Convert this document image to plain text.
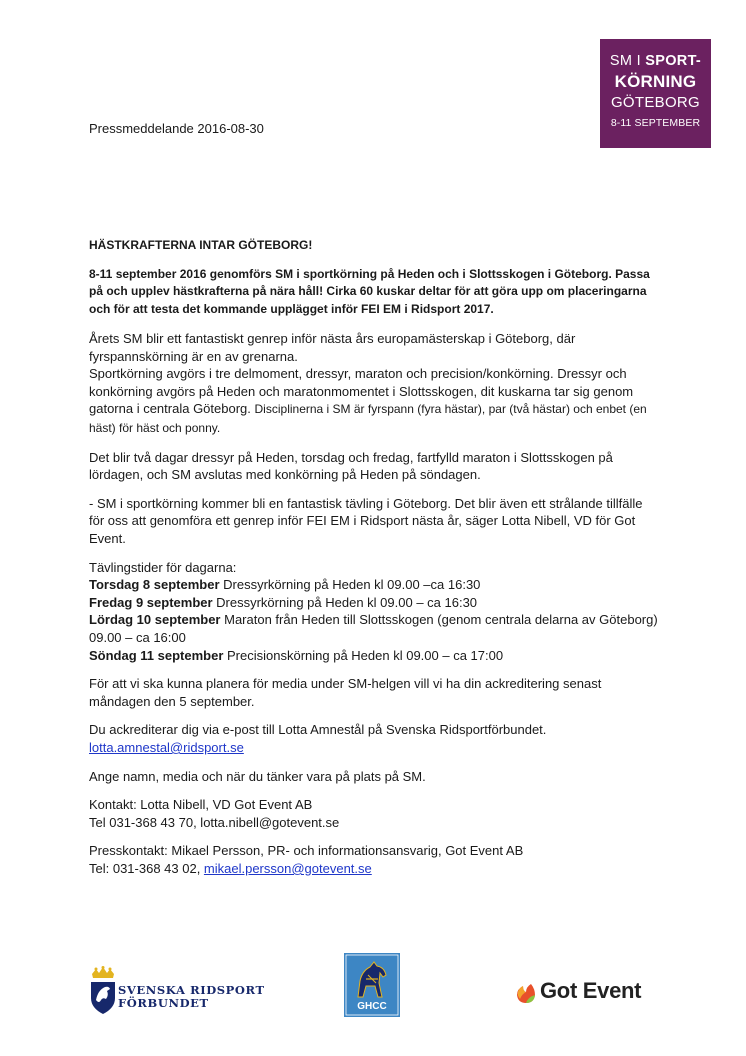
SM I SPORT-
KÖRNING
GÖTEBORG
8-11 SEPTEMBER
Pressmeddelande 2016-08-30

HÄSTKRAFTERNA INTAR GÖTEBORG!

8-11 september 2016 genomförs SM i sportkörning på Heden och i Slottsskogen i Göteborg. Passa på och upplev hästkrafterna på nära håll! Cirka 60 kuskar deltar för att göra upp om placeringarna och för att testa det kommande upplägget inför FEI EM i Ridsport 2017.

Årets SM blir ett fantastiskt genrep inför nästa års europamästerskap i Göteborg, där fyrspannskörning är en av grenarna.
Sportkörning avgörs i tre delmoment, dressyr, maraton och precision/konkörning. Dressyr och konkörning avgörs på Heden och maratonmomentet i Slottsskogen, dit kuskarna tar sig genom gatorna i centrala Göteborg. Disciplinerna i SM är fyrspann (fyra hästar), par (två hästar) och enbet (en häst) för häst och ponny.

Det blir två dagar dressyr på Heden, torsdag och fredag, fartfylld maraton i Slottsskogen på lördagen, och SM avslutas med konkörning på Heden på söndagen.

- SM i sportkörning kommer bli en fantastisk tävling i Göteborg. Det blir även ett strålande tillfälle för oss att genomföra ett genrep inför FEI EM i Ridsport nästa år, säger Lotta Nibell, VD för Got Event.

Tävlingstider för dagarna:
Torsdag 8 september Dressyrkörning på Heden kl 09.00 –ca 16:30
Fredag 9 september Dressyrkörning på Heden kl 09.00 – ca 16:30
Lördag 10 september Maraton från Heden till Slottsskogen (genom centrala delarna av Göteborg) 09.00 – ca 16:00
Söndag 11 september Precisionskörning på Heden kl 09.00 – ca 17:00

För att vi ska kunna planera för media under SM-helgen vill vi ha din ackreditering senast måndagen den 5 september.

Du ackrediterar dig via e-post till Lotta Amnestål på Svenska Ridsportförbundet.
lotta.amnestal@ridsport.se

Ange namn, media och när du tänker vara på plats på SM.

Kontakt: Lotta Nibell, VD Got Event AB
Tel 031-368 43 70, lotta.nibell@gotevent.se

Presskontakt: Mikael Persson, PR- och informationsansvarig, Got Event AB
Tel: 031-368 43 02, mikael.persson@gotevent.se

SVENSKA RIDSPORT
FÖRBUNDET	GHCC
Got Event
